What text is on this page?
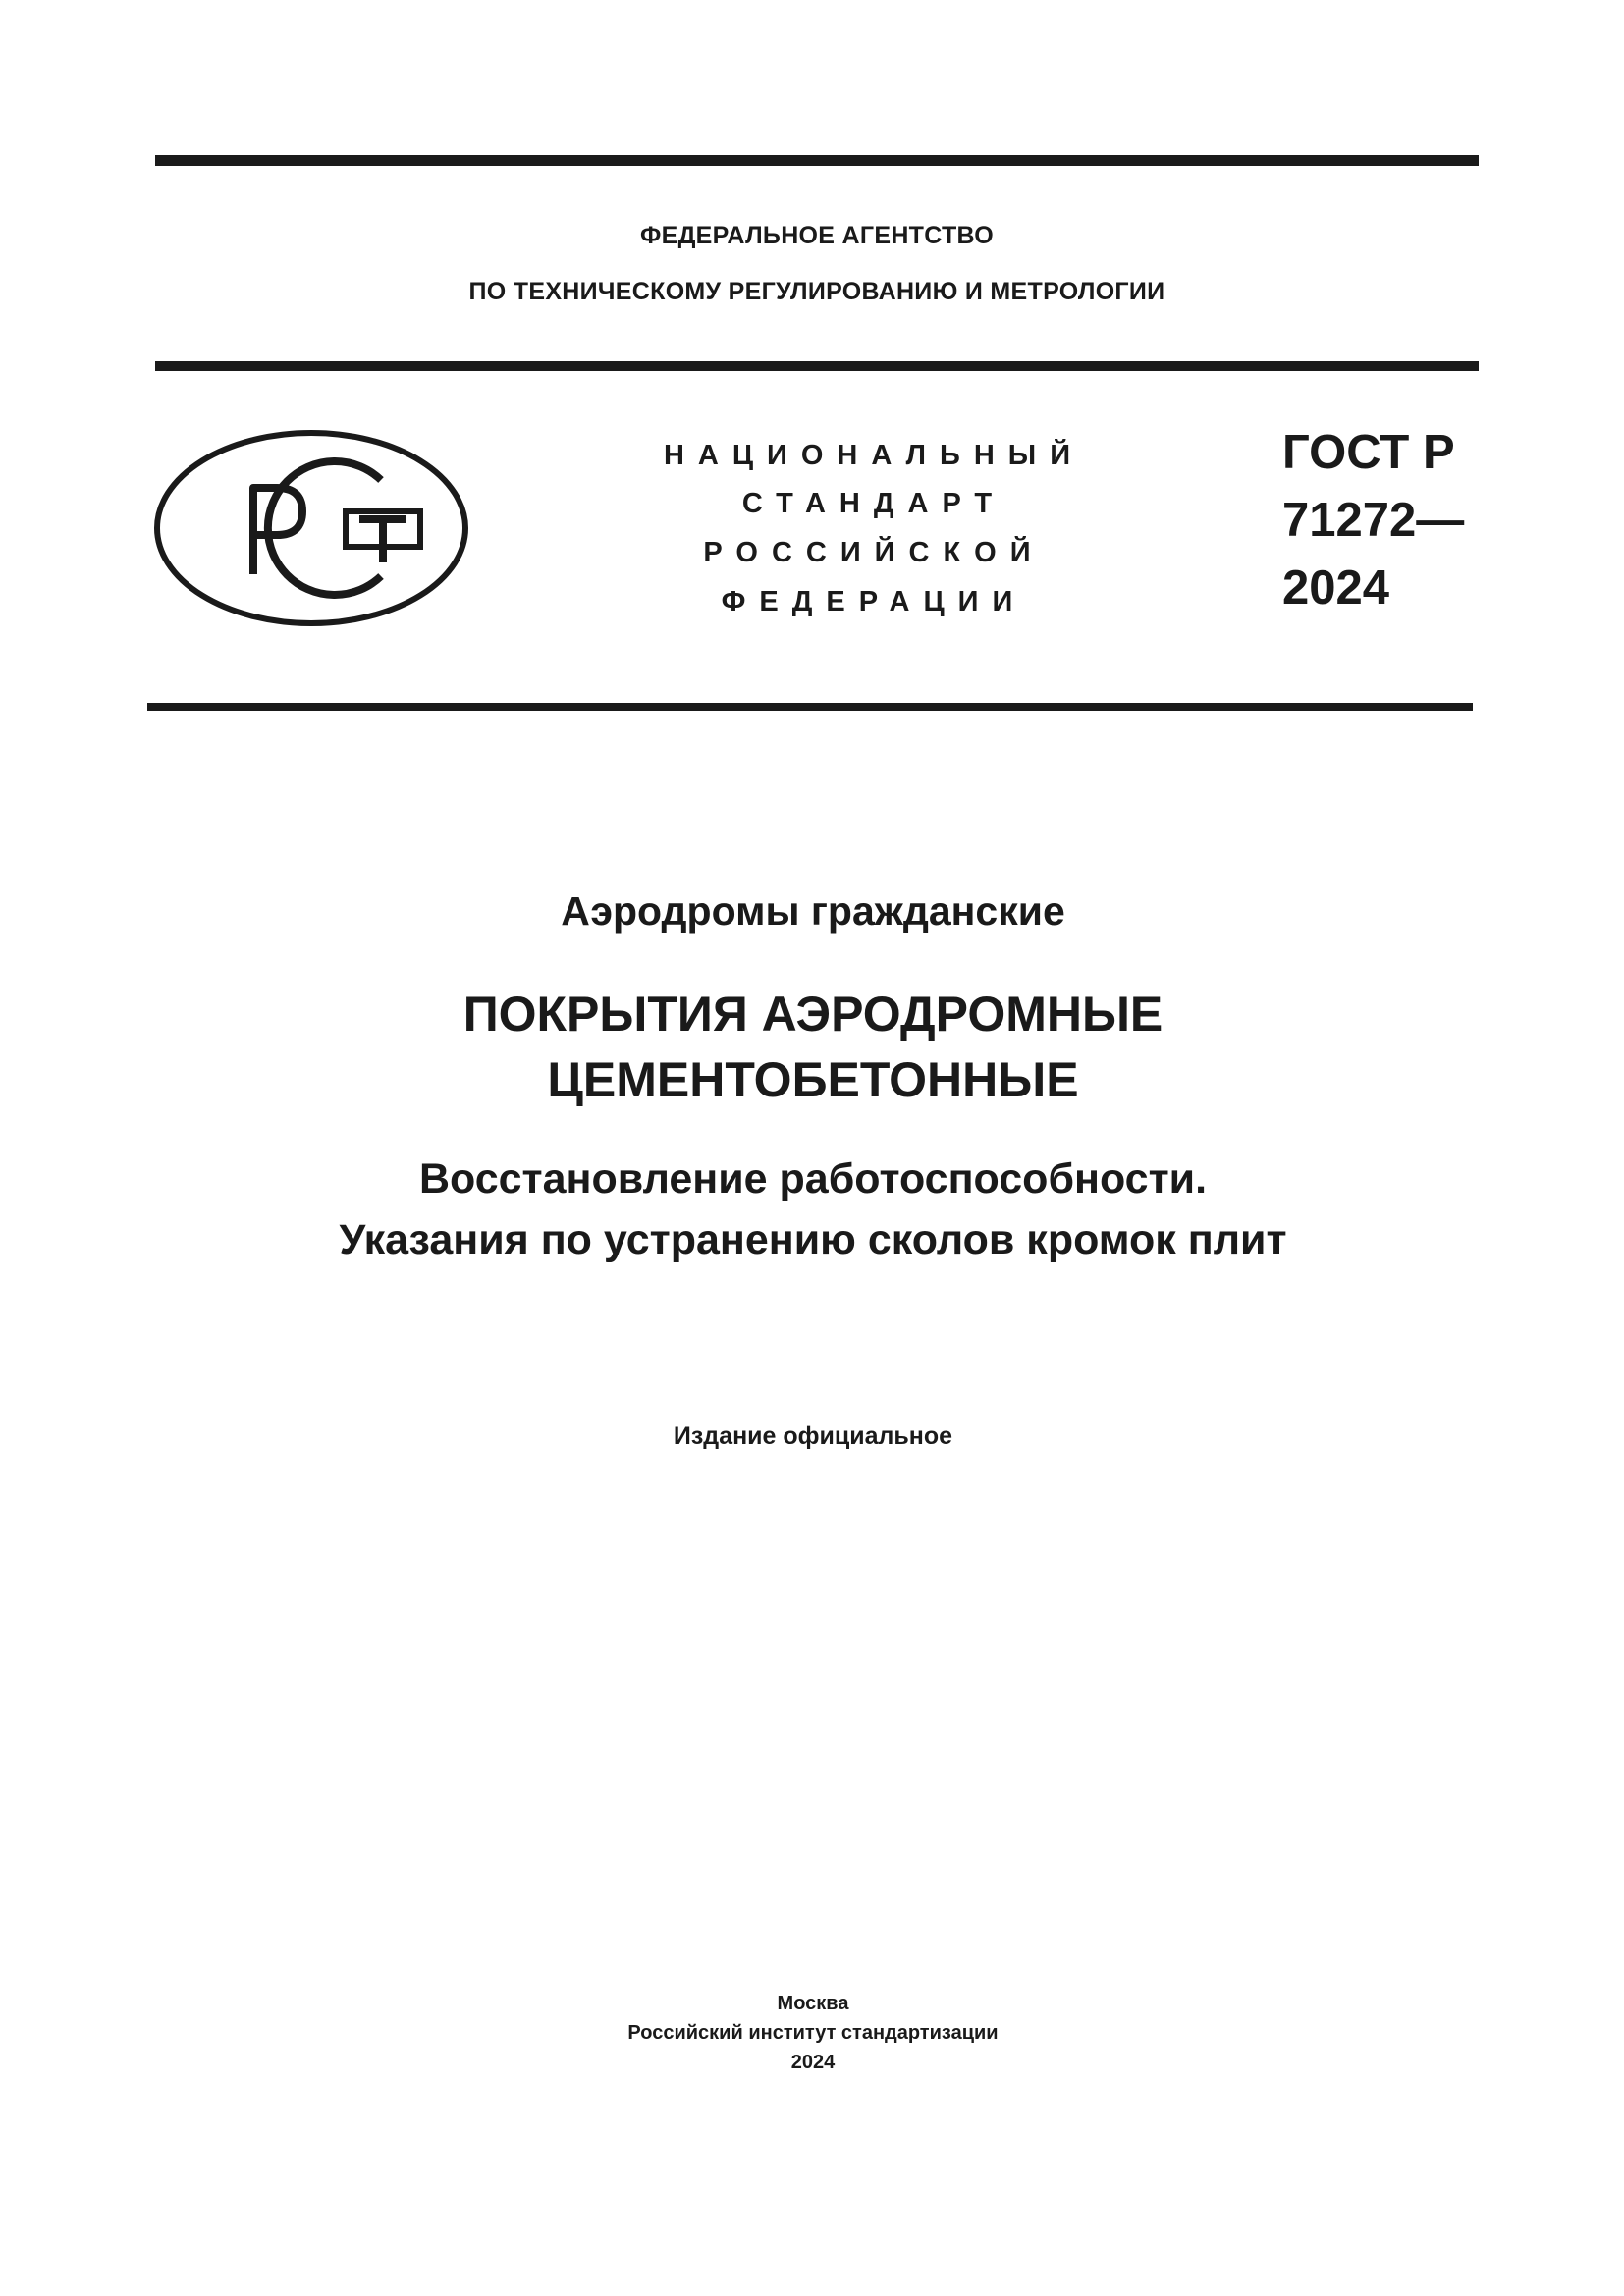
ФЕДЕРАЛЬНОЕ АГЕНТСТВО
ПО ТЕХНИЧЕСКОМУ РЕГУЛИРОВАНИЮ И МЕТРОЛОГИИ
НАЦИОНАЛЬНЫЙ
СТАНДАРТ
РОССИЙСКОЙ
ФЕДЕРАЦИИ
ГОСТ Р
71272—
2024
Аэродромы гражданские
ПОКРЫТИЯ АЭРОДРОМНЫЕ
ЦЕМЕНТОБЕТОННЫЕ
Восстановление работоспособности.
Указания по устранению сколов кромок плит
Издание официальное
Москва
Российский институт стандартизации
2024
